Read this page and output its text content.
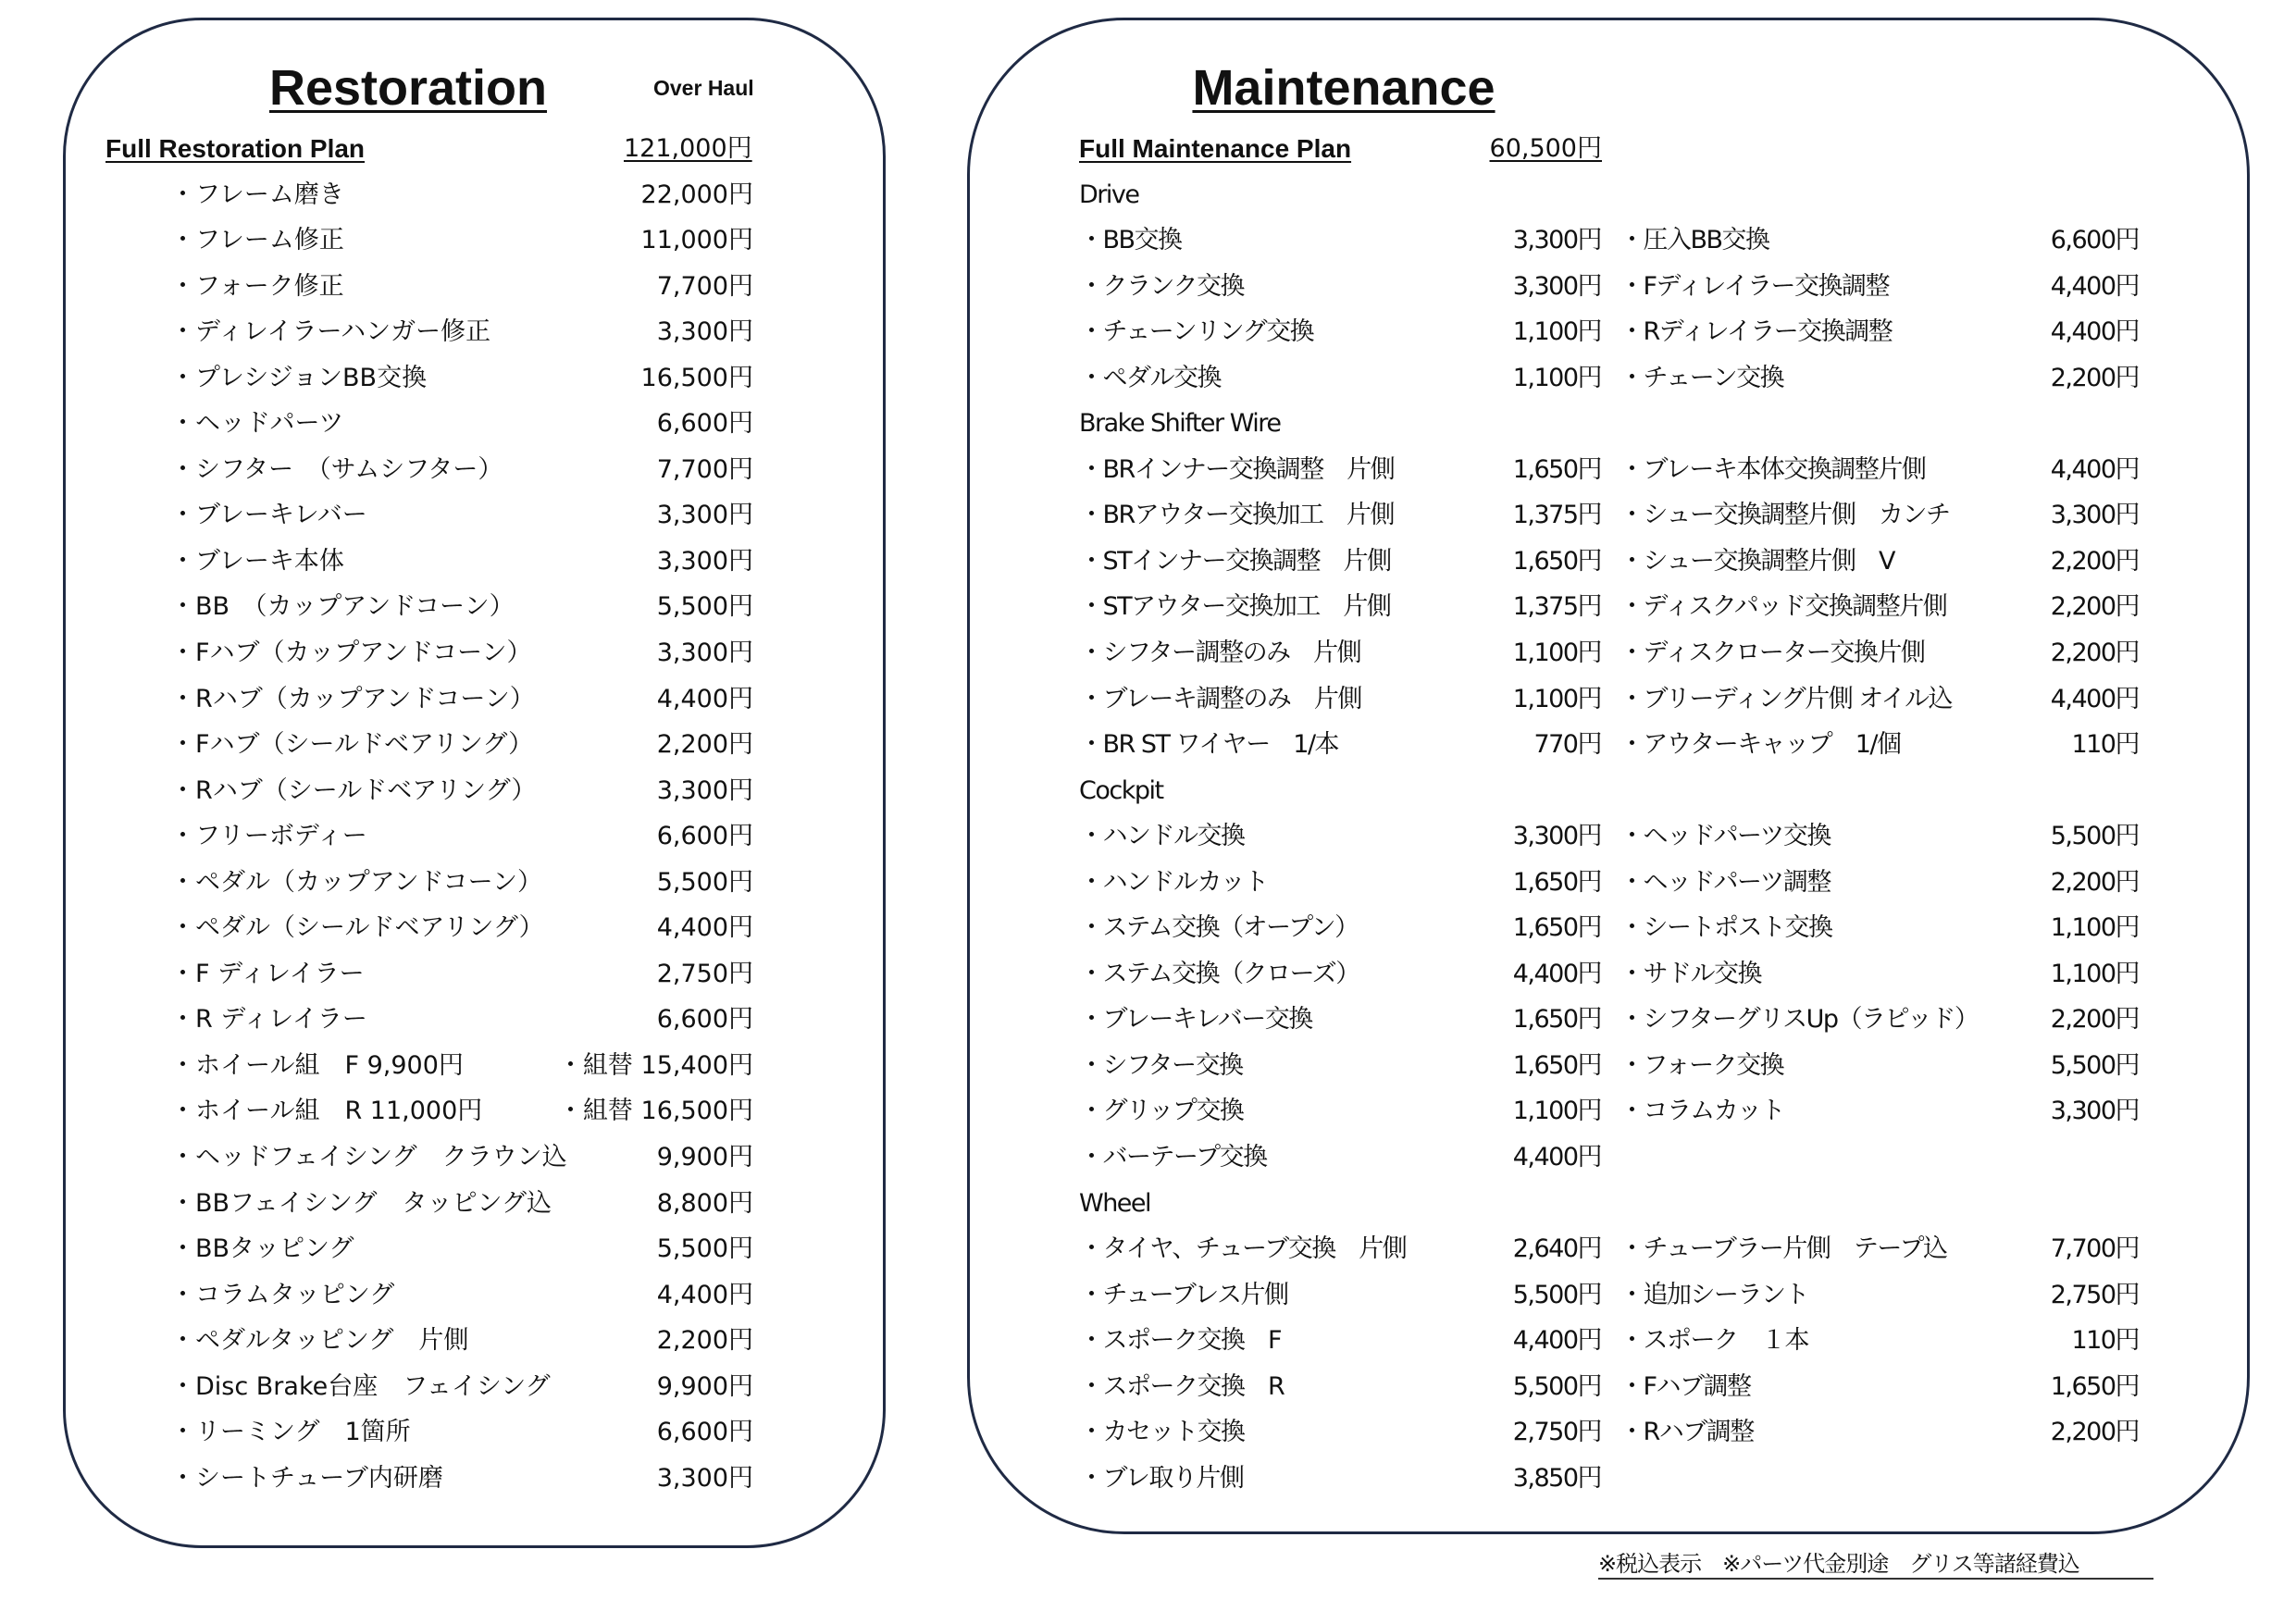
Restoration	Over Haul	Maintenance
Full Restoration Plan	121,000円
・フレーム磨き	22,000円
・フレーム修正	11,000円
・フォーク修正	7,700円
・ディレイラーハンガー修正	3,300円
・プレシジョンBB交換	16,500円
・ヘッドパーツ	6,600円
・シフター　（サムシフター）	7,700円
・ブレーキレバー	3,300円
・ブレーキ本体	3,300円
・BB　（カップアンドコーン）	5,500円
・Fハブ（カップアンドコーン）	3,300円
・Rハブ（カップアンドコーン）	4,400円
・Fハブ（シールドベアリング）	2,200円
・Rハブ（シールドベアリング）	3,300円
・フリーボディー	6,600円
・ペダル（カップアンドコーン）	5,500円
・ペダル（シールドベアリング）	4,400円
・F ディレイラー	2,750円
・R ディレイラー	6,600円
・ホイール組　F 9,900円	・組替 15,400円
・ホイール組　R 11,000円	・組替 16,500円
・ヘッドフェイシング　クラウン込	9,900円
・BBフェイシング　タッピング込	8,800円
・BBタッピング	5,500円
・コラムタッピング	4,400円
・ペダルタッピング　片側	2,200円
・Disc Brake台座　フェイシング	9,900円
・リーミング　1箇所	6,600円
・シートチューブ内研磨	3,300円
Full Maintenance Plan	60,500円
Drive
・BB交換	3,300円 ・圧入BB交換	6,600円
・クランク交換	3,300円 ・Fディレイラー交換調整	4,400円
・チェーンリング交換	1,100円 ・Rディレイラー交換調整	4,400円
・ペダル交換	1,100円 ・チェーン交換	2,200円
Brake Shifter Wire
・BRインナー交換調整　片側	1,650円 ・ブレーキ本体交換調整片側	4,400円
・BRアウター交換加工　片側	1,375円 ・シュー交換調整片側　カンチ	3,300円
・STインナー交換調整　片側	1,650円 ・シュー交換調整片側　V	2,200円
・STアウター交換加工　片側	1,375円 ・ディスクパッド交換調整片側	2,200円
・シフター調整のみ　片側	1,100円 ・ディスクローター交換片側	2,200円
・ブレーキ調整のみ　片側	1,100円 ・ブリーディング片側 オイル込	4,400円
・BR ST ワイヤー　1/本	770円 ・アウターキャップ　1/個	110円
Cockpit
・ハンドル交換	3,300円 ・ヘッドパーツ交換	5,500円
・ハンドルカット	1,650円 ・ヘッドパーツ調整	2,200円
・ステム交換（オープン）	1,650円 ・シートポスト交換	1,100円
・ステム交換（クローズ）	4,400円 ・サドル交換	1,100円
・ブレーキレバー交換	1,650円 ・シフターグリスUp（ラピッド）	2,200円
・シフター交換	1,650円 ・フォーク交換	5,500円
・グリップ交換	1,100円 ・コラムカット	3,300円
・バーテープ交換	4,400円
Wheel
・タイヤ、チューブ交換　片側	2,640円 ・チューブラー片側　テープ込	7,700円
・チューブレス片側	5,500円 ・追加シーラント	2,750円
・スポーク交換　F	4,400円 ・スポーク　１本	110円
・スポーク交換　R	5,500円 ・Fハブ調整	1,650円
・カセット交換	2,750円 ・Rハブ調整	2,200円
・ブレ取り片側	3,850円
※税込表示　※パーツ代金別途　グリス等諸経費込　
